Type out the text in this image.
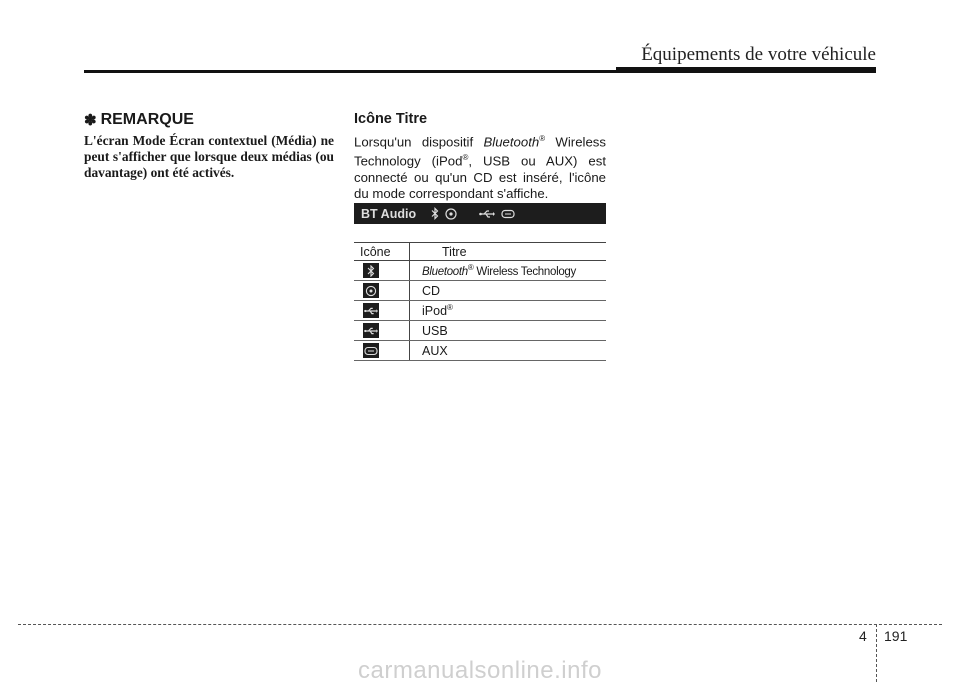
Équipements de votre véhicule
✽ REMARQUE

L'écran Mode Écran contextuel (Média) ne peut s'afficher que lorsque deux médias (ou davantage) ont été activés.

Icône Titre

Lorsqu'un dispositif Bluetooth® Wireless Technology (iPod®, USB ou AUX) est connecté ou qu'un CD est inséré, l'icône du mode correspondant s'affiche.

BT Audio
Icône	Titre

	Bluetooth® Wireless Technology

	CD

	iPod®

	USB

	AUX
4 191
carmanualsonline.info
